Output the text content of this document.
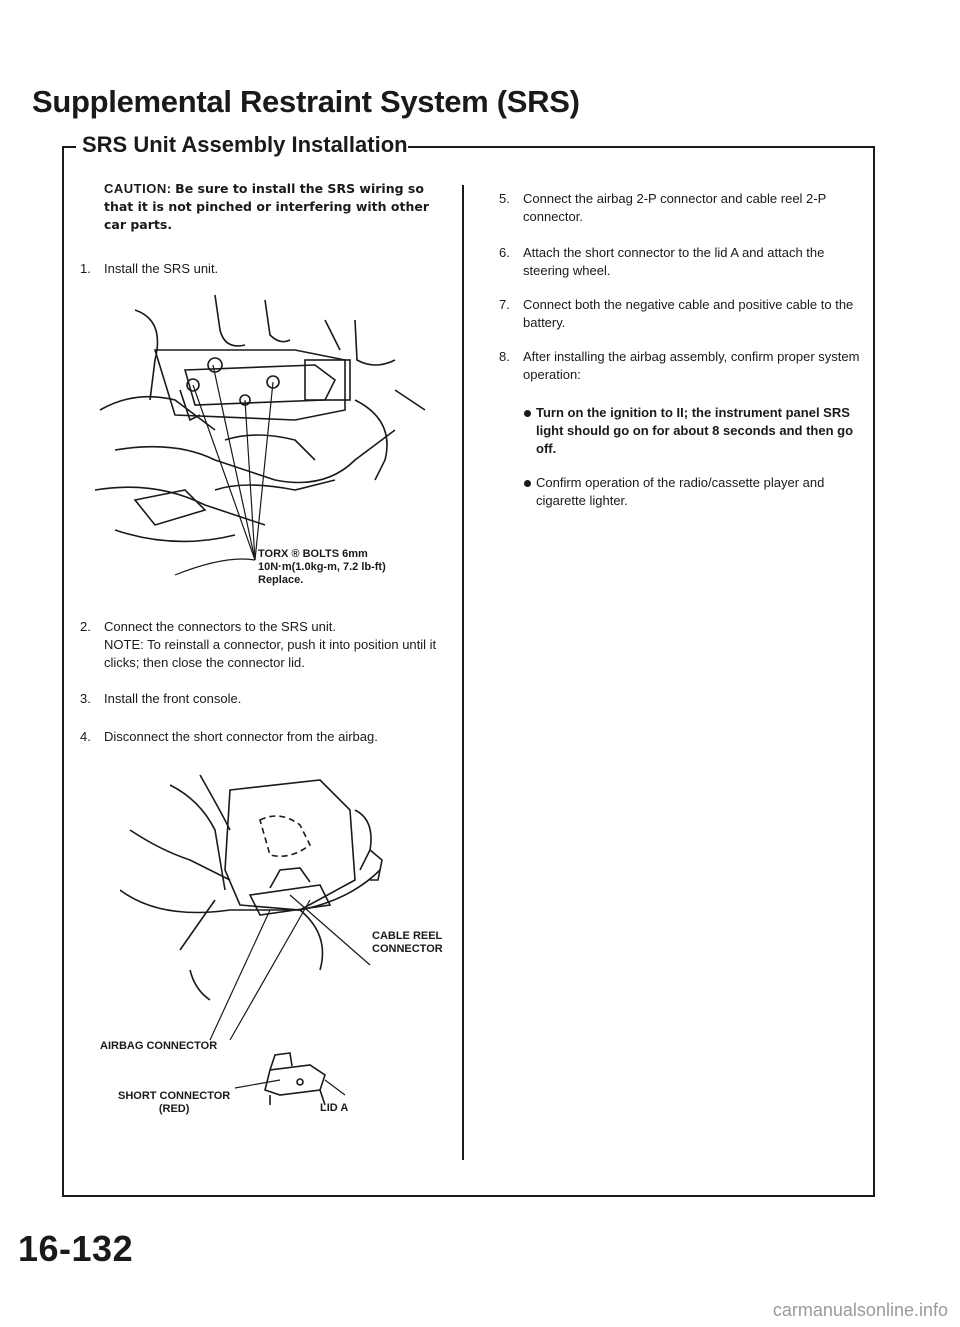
Supplemental Restraint System (SRS)
SRS Unit Assembly Installation
CAUTION: Be sure to install the SRS wiring so that it is not pinched or interfering with other car parts.
1. Install the SRS unit.
TORX ® BOLTS 6mm
10N·m(1.0kg-m, 7.2 lb-ft)
Replace.
2. Connect the connectors to the SRS unit.
NOTE: To reinstall a connector, push it into position until it clicks; then close the connector lid.
3. Install the front console.
4. Disconnect the short connector from the airbag.
CABLE REEL
CONNECTOR
AIRBAG CONNECTOR
SHORT CONNECTOR
(RED)	LID A
5. Connect the airbag 2-P connector and cable reel 2-P connector.
6. Attach the short connector to the lid A and attach the steering wheel.
7. Connect both the negative cable and positive cable to the battery.
8. After installing the airbag assembly, confirm proper system operation:
Turn on the ignition to II; the instrument panel SRS light should go on for about 8 seconds and then go off.
Confirm operation of the radio/cassette player and cigarette lighter.
16-132
carmanualsonline.info
